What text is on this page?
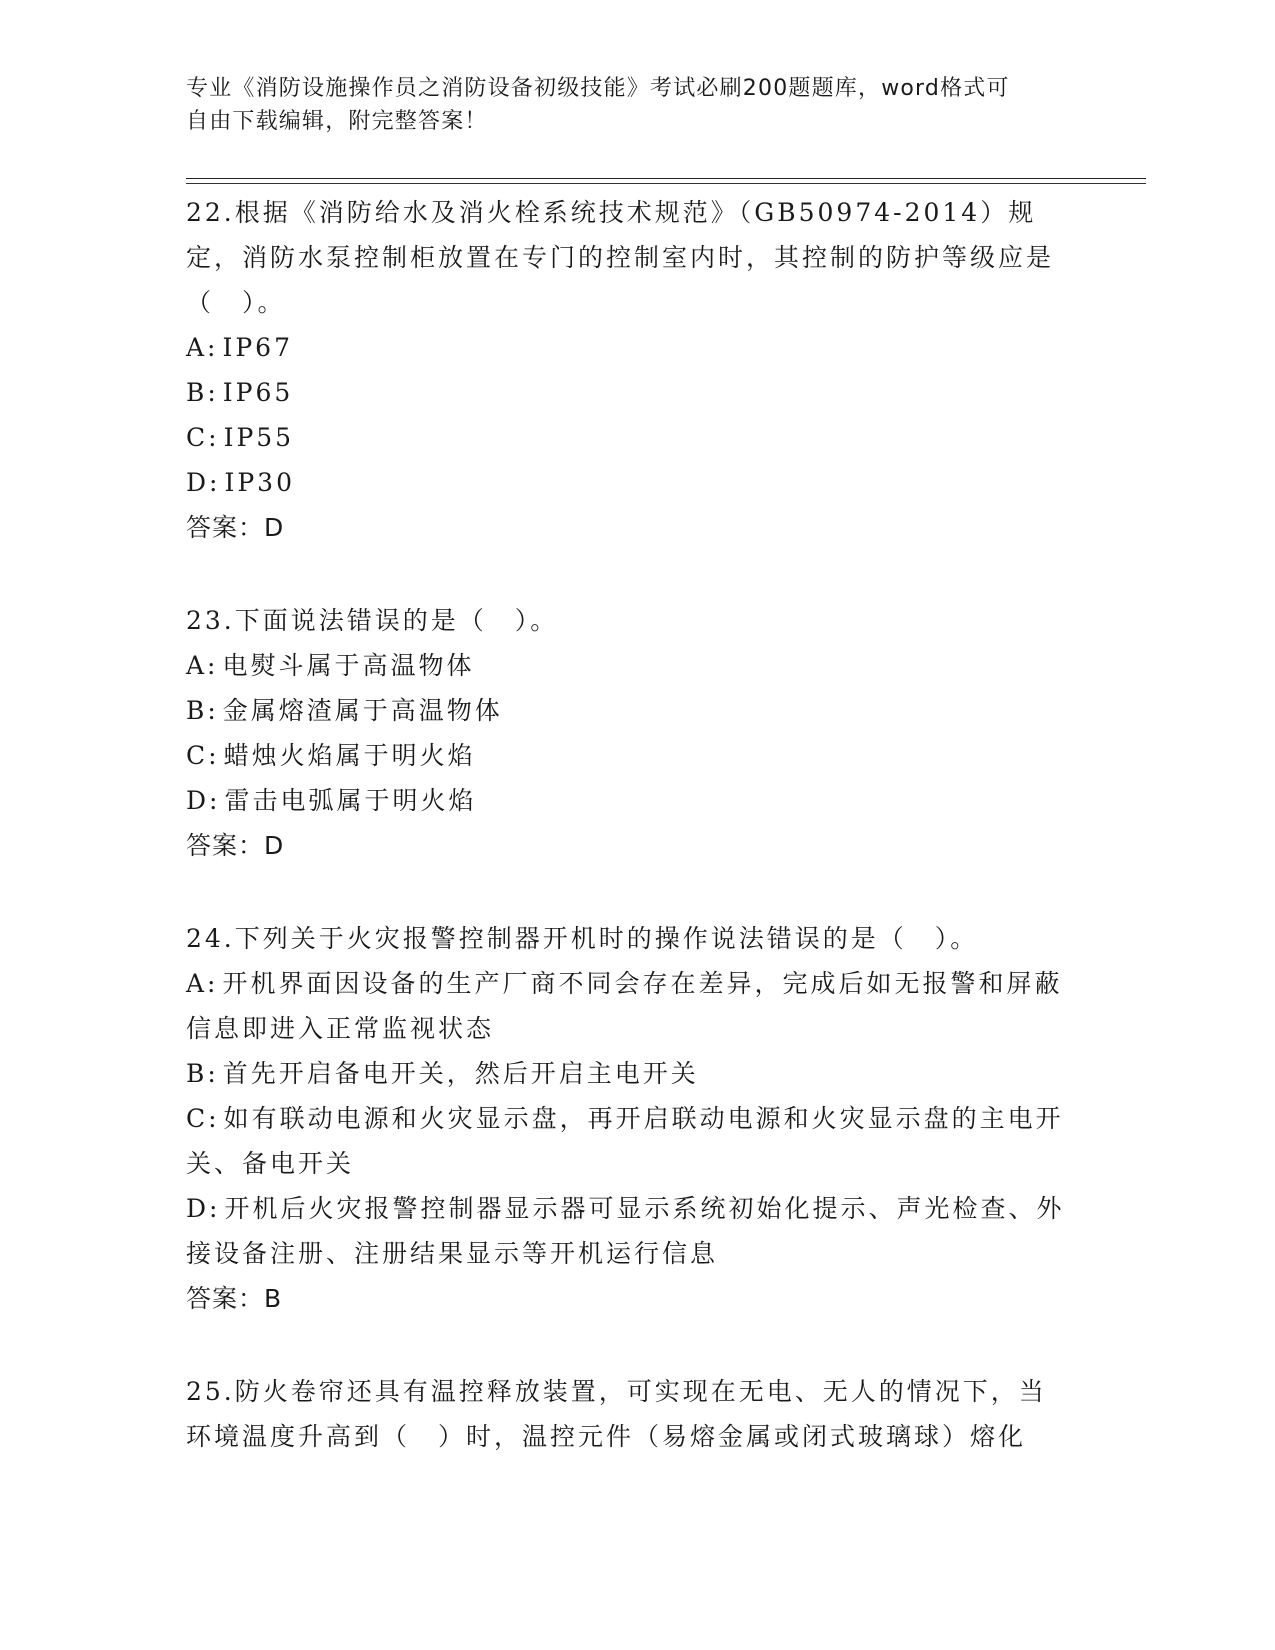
专业《消防设施操作员之消防设备初级技能》考试必刷200题题库，word格式可
自由下载编辑，附完整答案！

22.根据《消防给水及消火栓系统技术规范》（GB50974-2014）规定，消防水泵控制柜放置在专门的控制室内时，其控制的防护等级应是（　）。

A: IP67

B: IP65

C: IP55

D: IP30

答案：D

23.下面说法错误的是（　）。

A: 电熨斗属于高温物体

B: 金属熔渣属于高温物体

C: 蜡烛火焰属于明火焰

D: 雷击电弧属于明火焰

答案：D

24.下列关于火灾报警控制器开机时的操作说法错误的是（　）。

A: 开机界面因设备的生产厂商不同会存在差异，完成后如无报警和屏蔽信息即进入正常监视状态

B: 首先开启备电开关，然后开启主电开关

C: 如有联动电源和火灾显示盘，再开启联动电源和火灾显示盘的主电开关、备电开关

D: 开机后火灾报警控制器显示器可显示系统初始化提示、声光检查、外接设备注册、注册结果显示等开机运行信息

答案：B

25.防火卷帘还具有温控释放装置，可实现在无电、无人的情况下，当环境温度升高到（　）时，温控元件（易熔金属或闭式玻璃球）熔化
